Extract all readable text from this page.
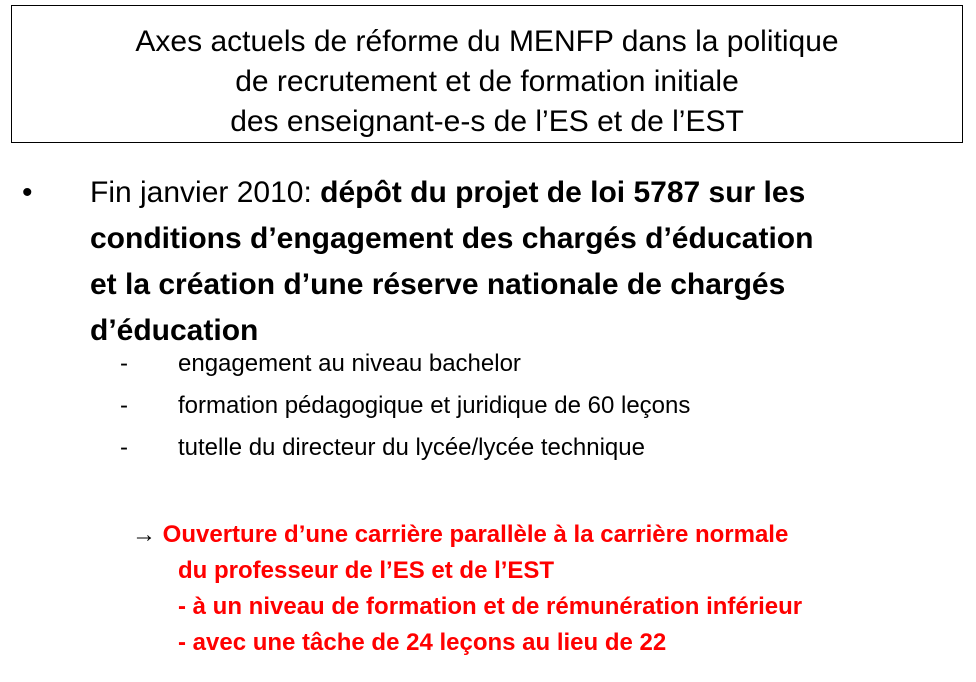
Axes actuels de réforme du MENFP dans la politique
de recrutement et de formation initiale
des enseignant-e-s de l’ES et de l’EST
• Fin janvier 2010: dépôt du projet de loi 5787 sur les
conditions d’engagement des chargés d’éducation
et la création d’une réserve nationale de chargés
d’éducation
- engagement au niveau bachelor
- formation pédagogique et juridique de 60 leçons
- tutelle du directeur du lycée/lycée technique
→ Ouverture d’une carrière parallèle à la carrière normale
du professeur de l’ES et de l’EST
- à un niveau de formation et de rémunération inférieur
- avec une tâche de 24 leçons au lieu de 22
